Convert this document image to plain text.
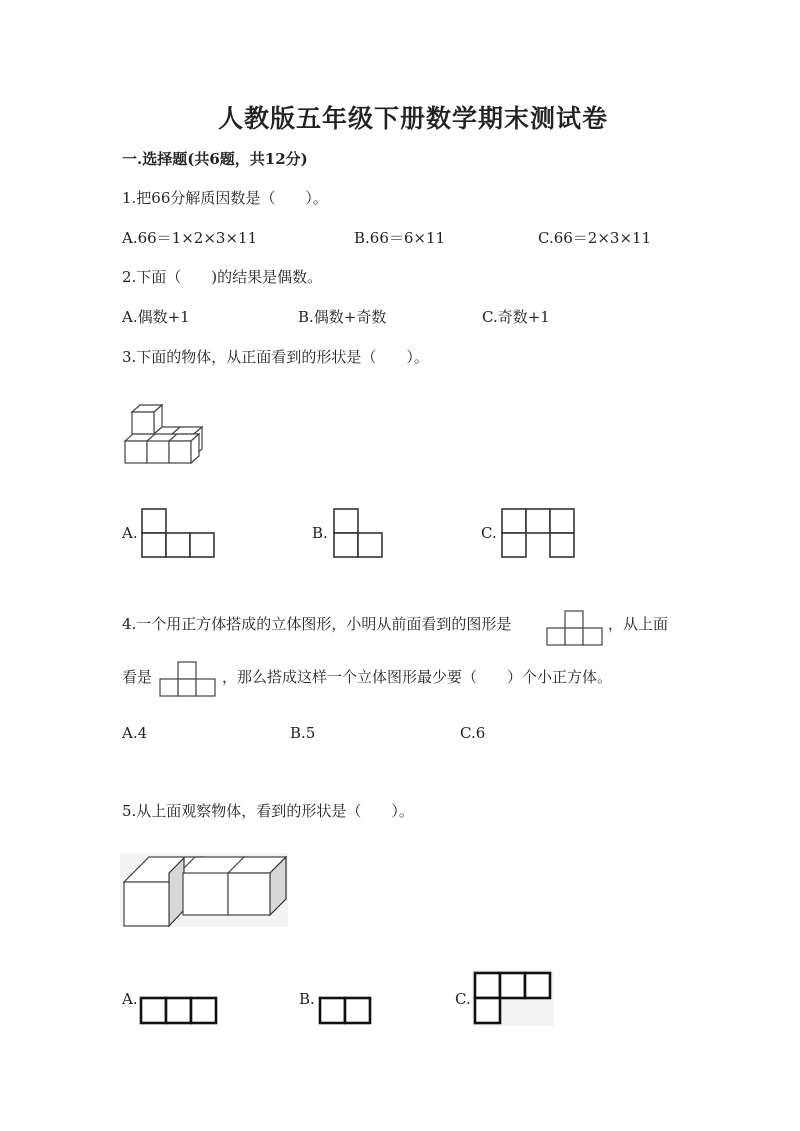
人教版五年级下册数学期末测试卷
一.选择题(共6题，共12分)
1.把66分解质因数是（　　）。
A.66＝1×2×3×11	B.66＝6×11	C.66＝2×3×11
2.下面（　　)的结果是偶数。
A.偶数+1	B.偶数+奇数	C.奇数+1
3.下面的物体，从正面看到的形状是（　　）。
A.	B.	C.
4.一个用正方体搭成的立体图形，小明从前面看到的图形是	，从上面
看是	，那么搭成这样一个立体图形最少要（　　）个小正方体。
A.4	B.5	C.6
5.从上面观察物体，看到的形状是（　　）。
A.	B.	C.
